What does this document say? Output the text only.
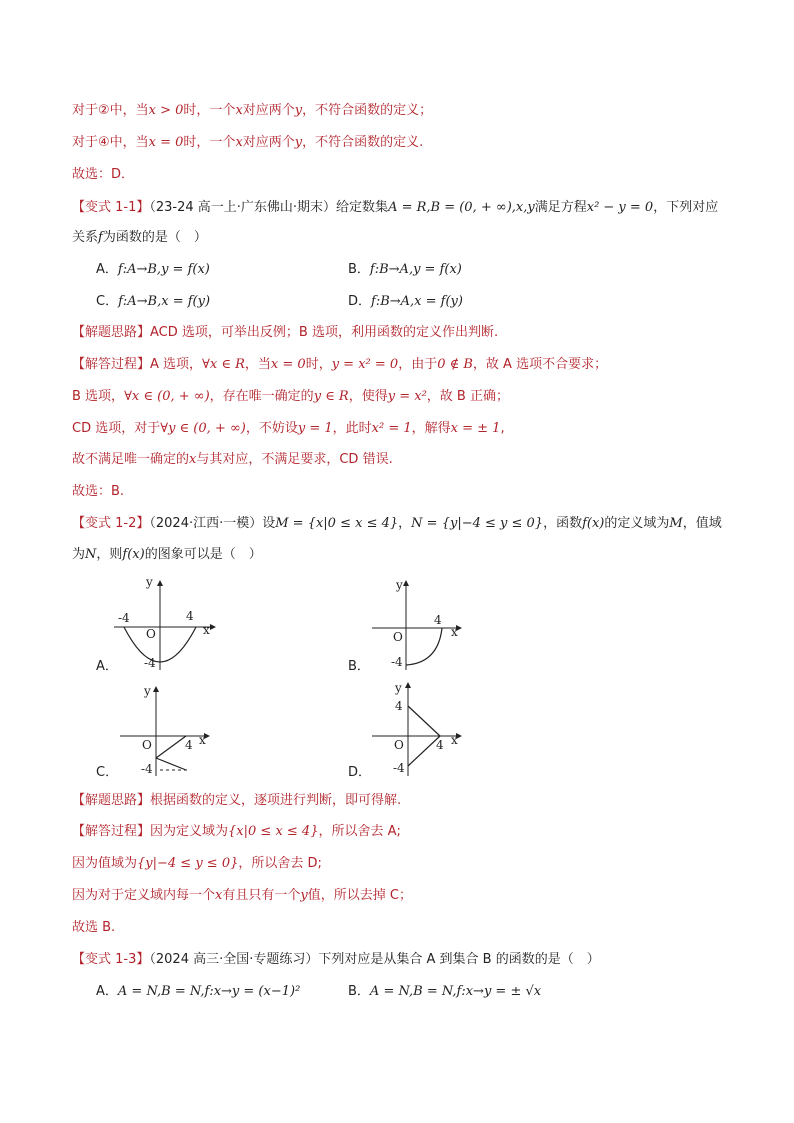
对于②中，当x > 0时，一个x对应两个y，不符合函数的定义；
对于④中，当x = 0时，一个x对应两个y，不符合函数的定义.
故选：D．
【变式 1-1】（23-24 高一上·广东佛山·期末）给定数集A = R,B = (0, + ∞),x,y满足方程x² − y = 0，下列对应
关系f为函数的是（　）
A．f:A→B,y = f(x)	B．f:B→A,y = f(x)
C．f:A→B,x = f(y)	D．f:B→A,x = f(y)
【解题思路】ACD 选项，可举出反例；B 选项，利用函数的定义作出判断.
【解答过程】A 选项，∀x ∈ R，当x = 0时，y = x² = 0，由于0 ∉ B，故 A 选项不合要求；
B 选项，∀x ∈ (0, + ∞)，存在唯一确定的y ∈ R，使得y = x²，故 B 正确；
CD 选项，对于∀y ∈ (0, + ∞)，不妨设y = 1，此时x² = 1，解得x = ± 1,
故不满足唯一确定的x与其对应，不满足要求，CD 错误.
故选：B.
【变式 1-2】（2024·江西·一模）设M = {x|0 ≤ x ≤ 4}，N = {y|−4 ≤ y ≤ 0}，函数f(x)的定义域为M，值域
为N，则f(x)的图象可以是（　）
A．	B．
C．	D．
y
x
O
-4	4
-4
y
x
O
4
-4
y
x
O	4
-4
y
x
4
O	4
-4
【解题思路】根据函数的定义，逐项进行判断，即可得解.
【解答过程】因为定义域为{x|0 ≤ x ≤ 4}，所以舍去 A;
因为值域为{y|−4 ≤ y ≤ 0}，所以舍去 D;
因为对于定义域内每一个x有且只有一个y值，所以去掉 C；
故选 B.
【变式 1-3】（2024 高三·全国·专题练习）下列对应是从集合 A 到集合 B 的函数的是（　）
A．A = N,B = N,f:x→y = (x−1)²	B．A = N,B = N,f:x→y = ± √x
